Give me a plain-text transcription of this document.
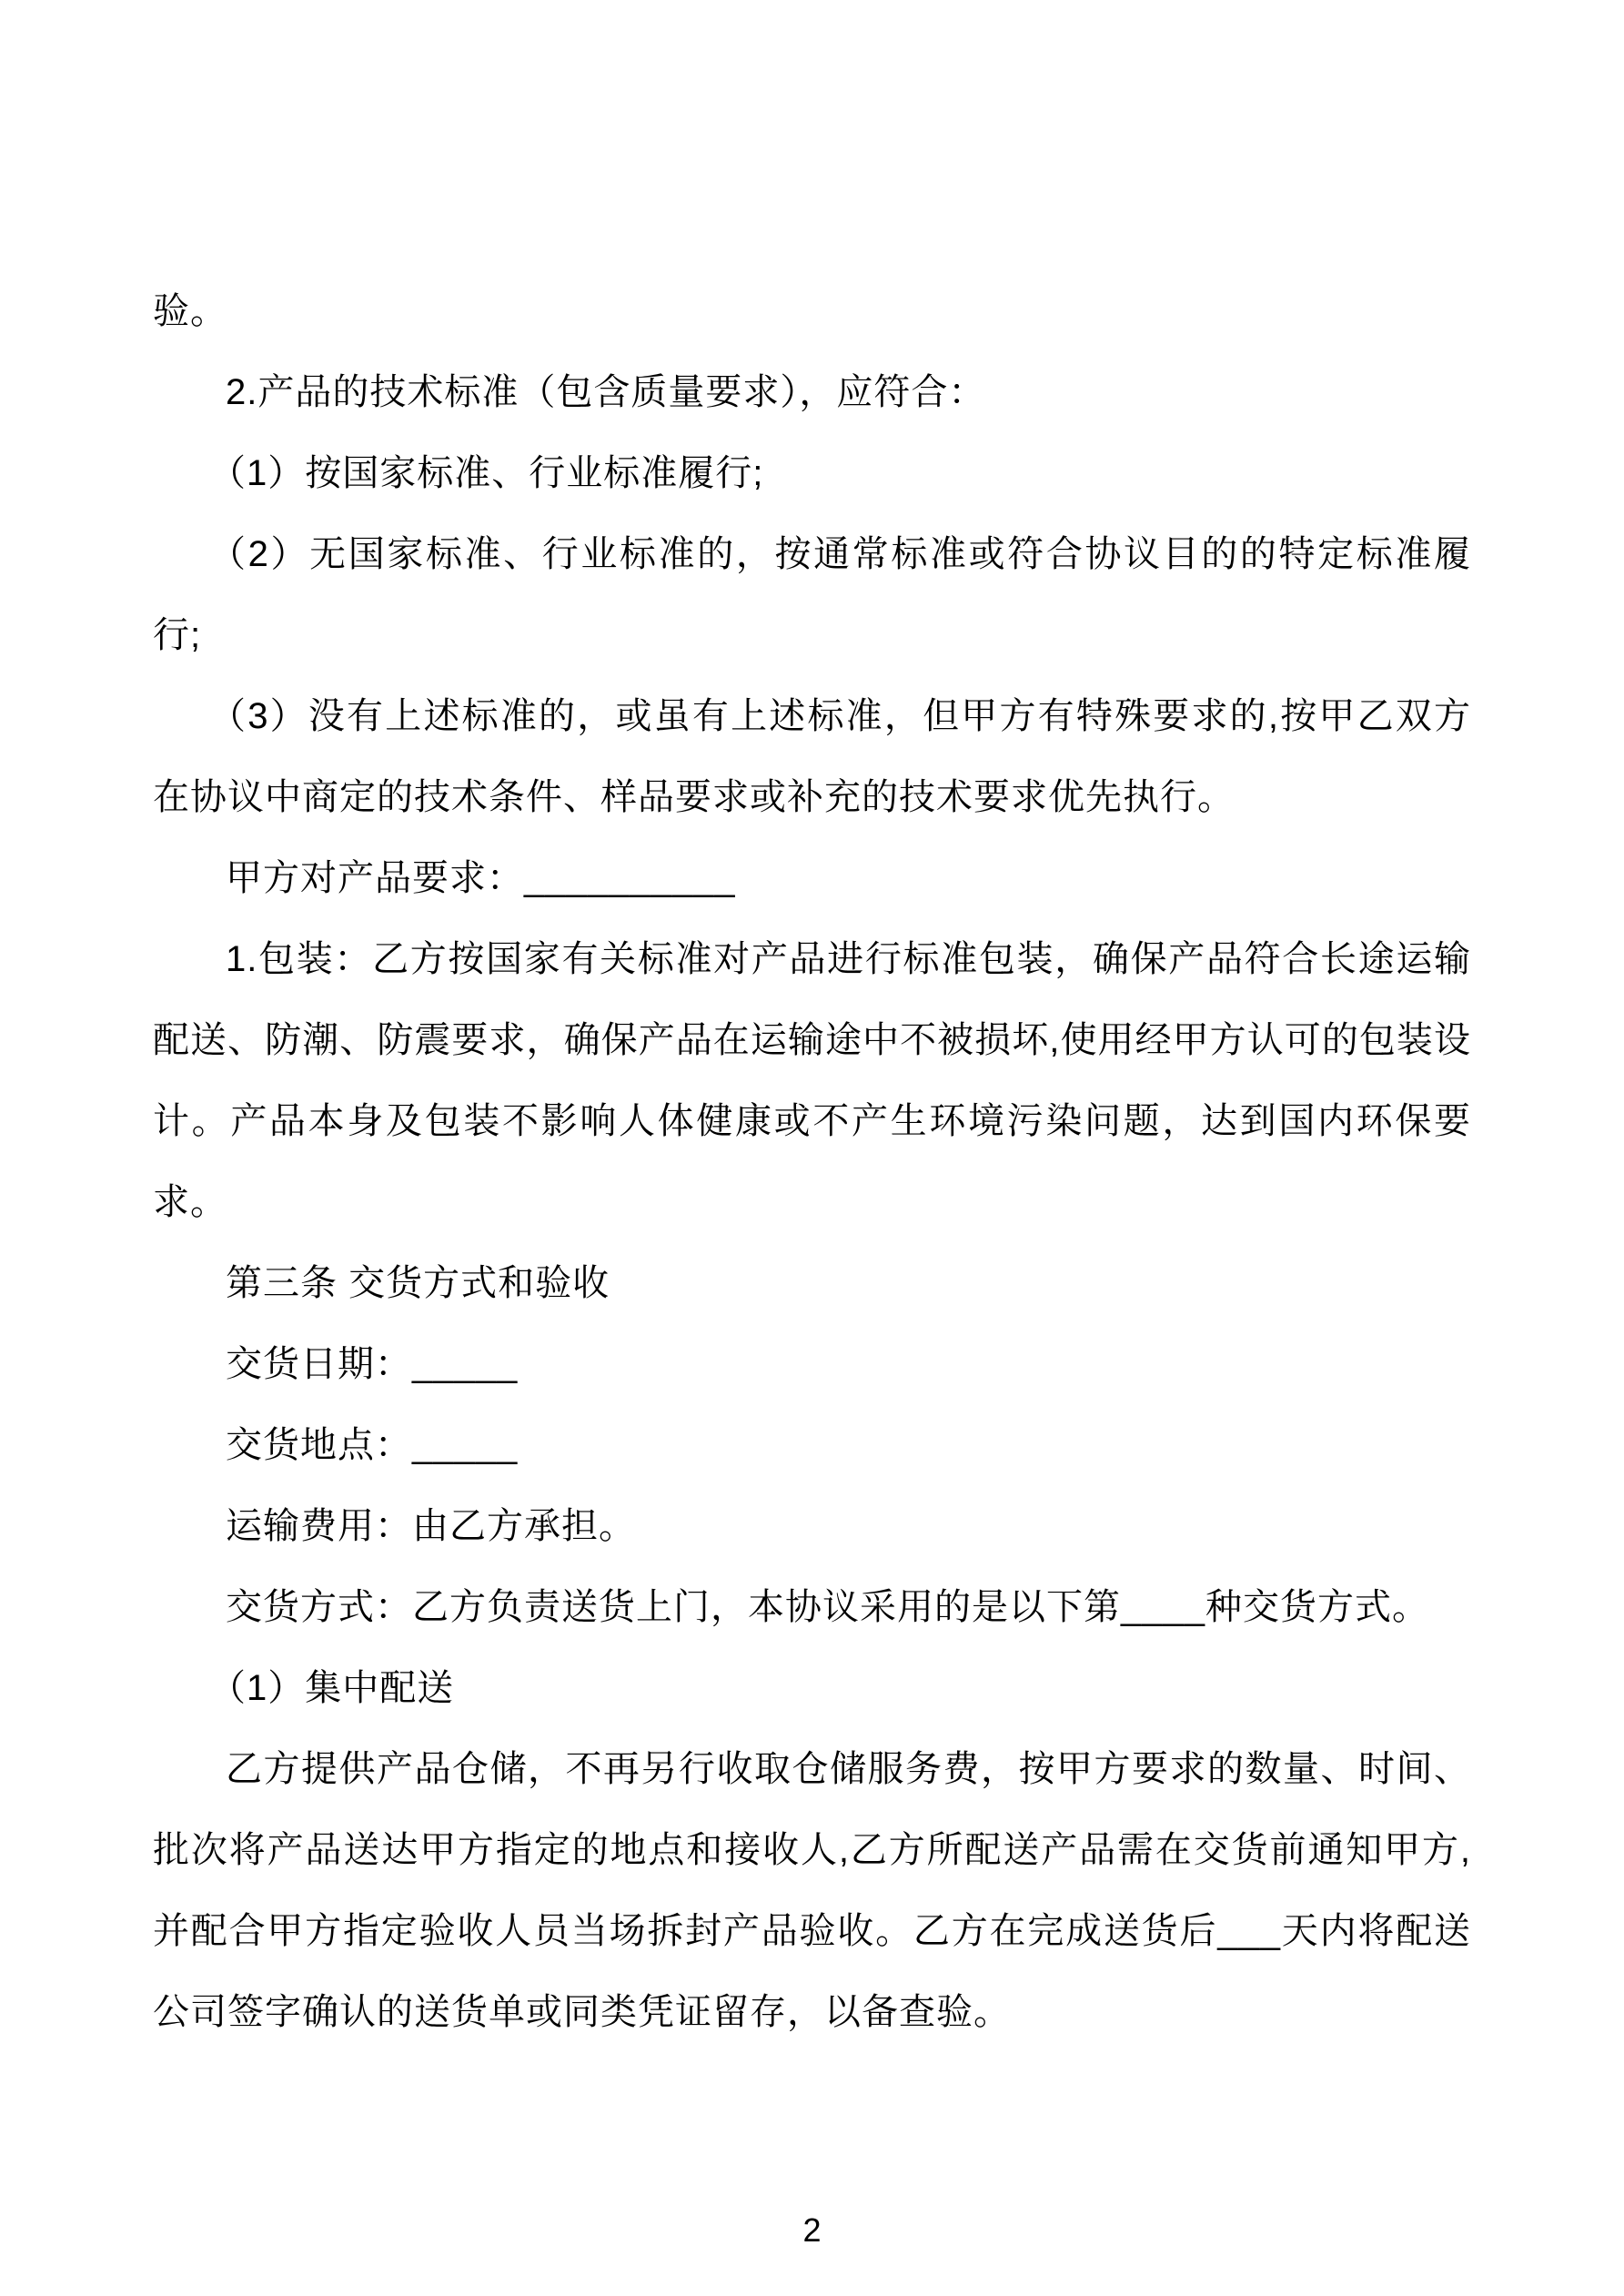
验。

2.产品的技术标准（包含质量要求），应符合：

（1）按国家标准、行业标准履行;

（2）无国家标准、行业标准的，按通常标准或符合协议目的的特定标准履行;

（3）没有上述标准的，或虽有上述标准，但甲方有特殊要求的,按甲乙双方在协议中商定的技术条件、样品要求或补充的技术要求优先执行。

甲方对产品要求：__________

1.包装：乙方按国家有关标准对产品进行标准包装，确保产品符合长途运输配送、防潮、防震要求，确保产品在运输途中不被损坏,使用经甲方认可的包装设计。产品本身及包装不影响人体健康或不产生环境污染问题，达到国内环保要求。

第三条 交货方式和验收

交货日期：_____

交货地点：_____

运输费用：由乙方承担。

交货方式：乙方负责送货上门，本协议采用的是以下第____种交货方式。

（1）集中配送

乙方提供产品仓储，不再另行收取仓储服务费，按甲方要求的数量、时间、批次将产品送达甲方指定的地点和接收人,乙方所配送产品需在交货前通知甲方,并配合甲方指定验收人员当场拆封产品验收。乙方在完成送货后___天内将配送公司签字确认的送货单或同类凭证留存，以备查验。

2
